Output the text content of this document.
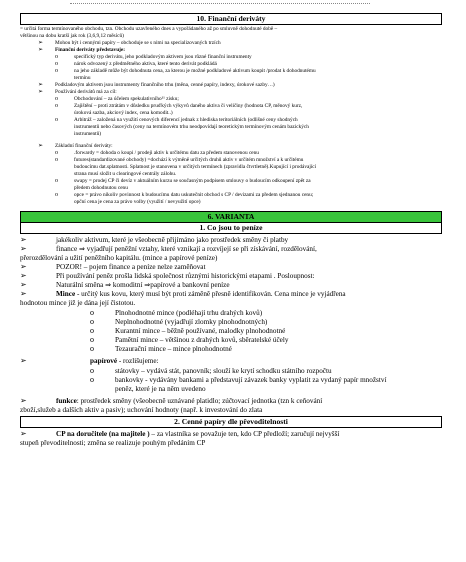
10. Finanční deriváty
= určitá forma termínovaného obchodu, tzn. Obchodu uzavřeného dnes a vypořádaného až po smluvně dohodnuté době –
většinou na dobu kratší jak rok (3,6,9,12 měsíců)
➢ Mohou být i cennými papíry – obchoduje se s nimi na specializovaných trzích
➢ Finanční deriváty představuje:
o	specifický typ derivátu, jeho podkladovým aktivem jsou různé finanční instrumenty
o	nárok odvozený z předmětného aktiva, které tento derivát podkládá
o	na jeho základě může být dohodnuta cena, za kterou je možné podkladové aktivum koupit /prodat k dohodnutému
termínu
➢ Podkladovým aktivem jsou instrumenty finančního trhu (měna, cenné papíry, indexy, úrokové sazby…)
➢ Používání derivátů má za cíl:
o	Obchodování – za účelem spekulativního¹¹ zisku;
o	Zajištění – proti ztrátám v důsledku pruďkých výkyvů daného aktiva či veličiny (hodnota CP, měnový kurz,
úroková sazba, akciový index, cena komodit..)
o	Arbitráž – založená na využití cenových diferencí jednak z hlediska teritoriálních (odlišné ceny shodných
instrumentů nebo časových (ceny na termínovém trhu neodpovídají teoretickým termínovým cenám bazických
instrumentů)
➢ Základní finanční deriváty:
o	.forwardy = dohoda o koupi / prodeji aktiv k určitému datu za předem stanovenou cenu
o	futures(standardizované obchody) =dochází k výměně určitých druhů aktiv v určitém množství a k určitému
budoucímu dat.splatnosti. Splatnost je stanovena v určitých termínech (zpravidla čtvrtletně).Kupující i prodávající
strana musí složit u clearingové centrály zálohu.
o	swapy = prodej CP či devíz v aktuálním kurzu se současným podpisem smlouvy o budoucím odkoupení zpět za
předem dohodnutou cenu
o	opce = právo nikoliv povinnost k budoucímu datu uskutečnit obchod s CP / devizami za předem sjednanou cenu;
opční cena je cena za právo volby (využití / nevyužití opce)
6. VARIANTA
1. Co jsou to peníze
➢	jakékoliv aktivum, které je všeobecně přijímáno jako prostředek směny či platby
➢	finance ⇒ vyjadřují peněžní vztahy, které vznikají a rozvíjejí se při získávání, rozdělování,
přerozdělování a užití peněžního kapitálu. (mince a papírové peníze)
➢	POZOR! – pojem finance a peníze nelze zaměňovat
➢	Při používání peněz prošla lidská společnost různými historickými etapami . Posloupnost:
➢	Naturální směna ⇒ komoditní ⇒papírové a bankovní peníze
➢	Mince - určitý kus kovu, který musí být proti záměně přesně identifikován. Cena mince je vyjádřena
hodnotou mince již je dána její čistotou.
o	Plnohodnotné mince (podléhají trhu drahých kovů)
o	Neplnohodnotné (vyjadřují zlomky plnohodnotných)
o	Kurantní mince – běžně používané, malodky plnohodnotné
o	Pamětní mince – většinou z drahých kovů, sběratelské účely
o	Tezaurační mince – mince plnohodnotné
➢	papírové - rozlišujeme:
o	státovky – vydává stát, panovník; slouží ke krytí schodku státního rozpočtu
o	bankovky - vydávány bankami a představují závazek banky vyplatit za vydaný papír množství
peněz, které je na něm uvedeno
➢	funkce: prostředek směny (všeobecně uznávané platidlo; zúčtovací jednotka (tzn k ceňování
zboží,služeb a dalších aktiv a pasiv); uchování hodnoty (např. k investování do zlata
2. Cenné papíry dle převoditelnosti
➢	CP na doručitele (na majitele ) – za vlastníka se považuje ten, kdo CP předloží; zaručují nejvyšší
stupeň převoditelnosti; změna se realizuje pouhým předáním CP
